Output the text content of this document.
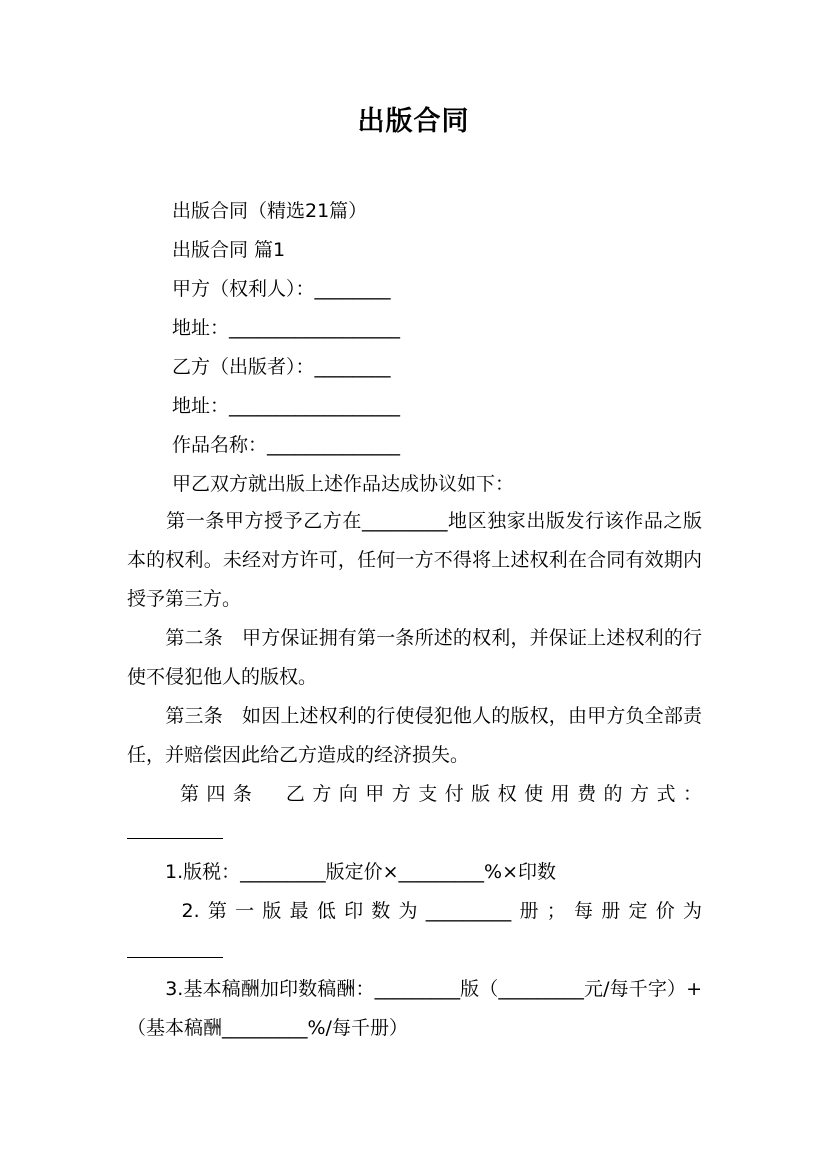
出版合同
出版合同（精选21篇）
出版合同 篇1
甲方（权利人）：________
地址：__________________
乙方（出版者）：________
地址：__________________
作品名称：______________
甲乙双方就出版上述作品达成协议如下：
　　第一条甲方授予乙方在_________地区独家出版发行该作品之版本的权利。未经对方许可，任何一方不得将上述权利在合同有效期内授予第三方。
　　第二条　甲方保证拥有第一条所述的权利，并保证上述权利的行使不侵犯他人的版权。
　　第三条　如因上述权利的行使侵犯他人的版权，由甲方负全部责任，并赔偿因此给乙方造成的经济损失。
　　第四条　乙方向甲方支付版权使用费的方式：
　　1.版税：_________版定价×_________%×印数
　　2.第一版最低印数为_________册；每册定价为
　　3.基本稿酬加印数稿酬：_________版（_________元/每千字）+（基本稿酬_________%/每千册）
